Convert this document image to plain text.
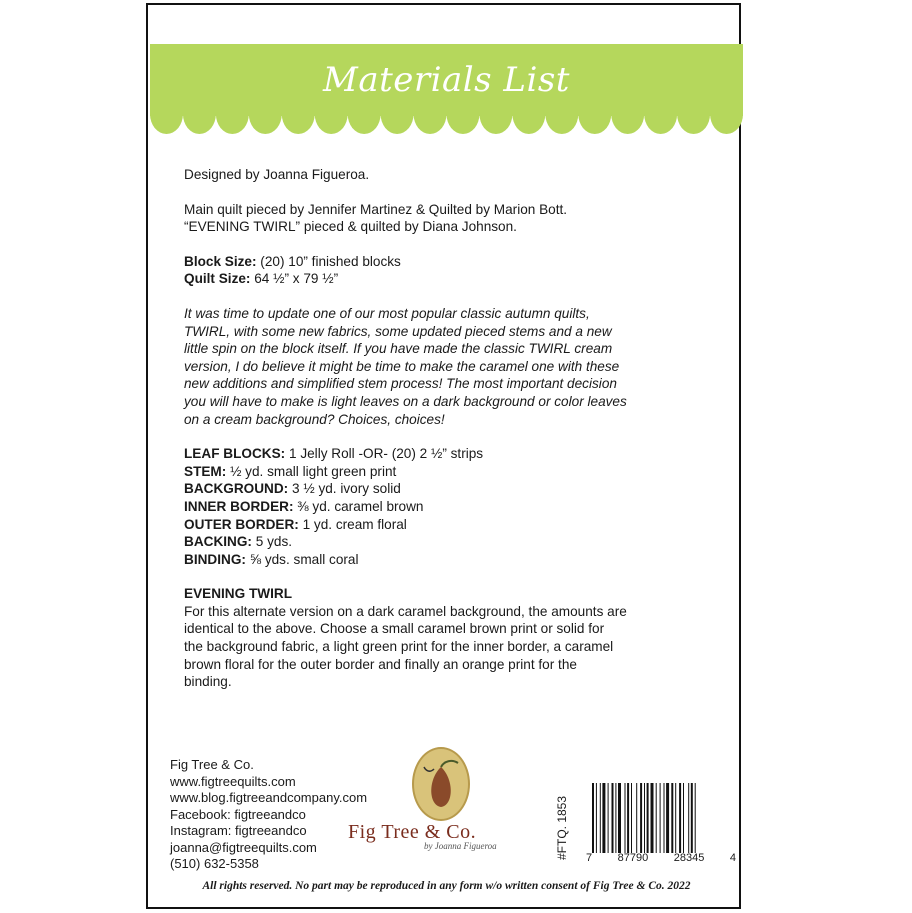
Materials List

Designed by Joanna Figueroa.

Main quilt pieced by Jennifer Martinez & Quilted by Marion Bott.

“EVENING TWIRL” pieced & quilted by Diana Johnson.

Block Size: (20) 10” finished blocks

Quilt Size: 64 ½” x 79 ½”

It was time to update one of our most popular classic autumn quilts,

TWIRL, with some new fabrics, some updated pieced stems and a new

little spin on the block itself. If you have made the classic TWIRL cream

version, I do believe it might be time to make the caramel one with these

new additions and simplified stem process! The most important decision

you will have to make is light leaves on a dark background or color leaves

on a cream background? Choices, choices!

LEAF BLOCKS: 1 Jelly Roll -OR- (20) 2 ½” strips

STEM: ½ yd. small light green print

BACKGROUND: 3 ½ yd. ivory solid

INNER BORDER: ⅜ yd. caramel brown

OUTER BORDER: 1 yd. cream floral

BACKING: 5 yds.

BINDING: ⅝ yds. small coral

EVENING TWIRL

For this alternate version on a dark caramel background, the amounts are

identical to the above. Choose a small caramel brown print or solid for

the background fabric, a light green print for the inner border, a caramel

brown floral for the outer border and finally an orange print for the

binding.

Fig Tree & Co.
www.figtreequilts.com
www.blog.figtreeandcompany.com
Facebook: figtreeandco
Instagram: figtreeandco
joanna@figtreequilts.com
(510) 632-5358
Fig Tree & Co.
by Joanna Figueroa	#FTQ. 1853 7 87790 28345 4
All rights reserved. No part may be reproduced in any form w/o written consent of Fig Tree & Co. 2022
